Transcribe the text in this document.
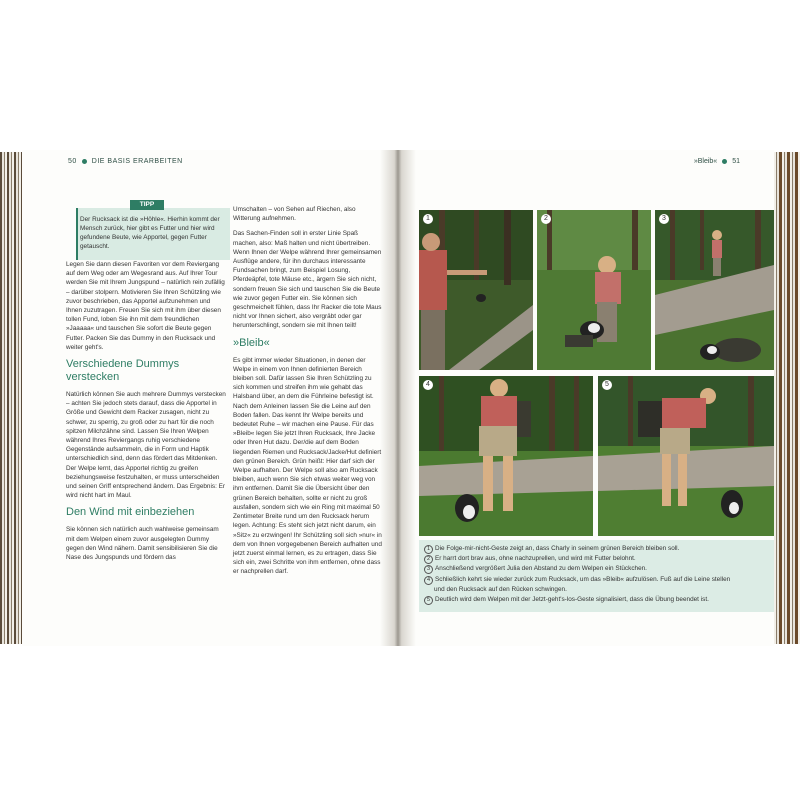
50 DIE BASIS ERARBEITEN
TIPP
Der Rucksack ist die »Höhle«. Hierhin kommt der Mensch zurück, hier gibt es Futter und hier wird gefundene Beute, wie Apportel, gegen Futter getauscht.

Legen Sie dann diesen Favoriten vor dem Reviergang auf dem Weg oder am Wegesrand aus. Auf Ihrer Tour werden Sie mit Ihrem Jungspund – natürlich rein zufällig – darüber stolpern. Motivieren Sie Ihren Schützling wie zuvor beschrieben, das Apportel aufzunehmen und Ihnen zuzutragen. Freuen Sie sich mit ihm über diesen tollen Fund, loben Sie ihn mit dem freundlichen »Jaaaaa« und tauschen Sie sofort die Beute gegen Futter. Packen Sie das Dummy in den Rucksack und weiter geht's.

Verschiedene Dummys verstecken

Natürlich können Sie auch mehrere Dummys verstecken – achten Sie jedoch stets darauf, dass die Apportel in Größe und Gewicht dem Racker zusagen, nicht zu schwer, zu sperrig, zu groß oder zu hart für die noch spitzen Milchzähne sind. Lassen Sie Ihren Welpen während Ihres Reviergangs ruhig verschiedene Gegenstände aufsammeln, die in Form und Haptik unterschiedlich sind, denn das fördert das Mitdenken. Der Welpe lernt, das Apportel richtig zu greifen beziehungsweise festzuhalten, er muss unterscheiden und seinen Griff entsprechend ändern. Das Ergebnis: Er wird nicht hart im Maul.

Den Wind mit einbeziehen

Sie können sich natürlich auch wahlweise gemeinsam mit dem Welpen einem zuvor ausgelegten Dummy gegen den Wind nähern. Damit sensibilisieren Sie die Nase des Jungspunds und fördern das

Umschalten – von Sehen auf Riechen, also Witterung aufnehmen.

Das Sachen-Finden soll in erster Linie Spaß machen, also: Maß halten und nicht übertreiben. Wenn Ihnen der Welpe während Ihrer gemeinsamen Ausflüge andere, für ihn durchaus interessante Fundsachen bringt, zum Beispiel Losung, Pferdeäpfel, tote Mäuse etc., ärgern Sie sich nicht, sondern freuen Sie sich und tauschen Sie die Beute wie zuvor gegen Futter ein. Sie können sich geschmeichelt fühlen, dass Ihr Racker die tote Maus nicht vor Ihnen sichert, also vergräbt oder gar herunterschlingt, sondern sie mit Ihnen teilt!

»Bleib«

Es gibt immer wieder Situationen, in denen der Welpe in einem von Ihnen definierten Bereich bleiben soll. Dafür lassen Sie Ihren Schützling zu sich kommen und streifen ihm wie gehabt das Halsband über, an dem die Führleine befestigt ist. Nach dem Anleinen lassen Sie die Leine auf den Boden fallen. Das kennt Ihr Welpe bereits und bedeutet Ruhe – wir machen eine Pause. Für das »Bleib« legen Sie jetzt Ihren Rucksack, Ihre Jacke oder Ihren Hut dazu. Der/die auf dem Boden liegenden Riemen und Rucksack/Jacke/Hut definiert den grünen Bereich. Grün heißt: Hier darf sich der Welpe aufhalten. Der Welpe soll also am Rucksack bleiben, auch wenn Sie sich etwas weiter weg von ihm entfernen. Damit Sie die Übersicht über den grünen Bereich behalten, sollte er nicht zu groß ausfallen, sondern sich wie ein Ring mit maximal 50 Zentimeter Breite rund um den Rucksack herum legen. Achtung: Es steht sich jetzt nicht darum, ein »Sitz« zu erzwingen! Ihr Schützling soll sich »nur« in dem von Ihnen vorgegebenen Bereich aufhalten und jetzt zuerst einmal lernen, es zu ertragen, dass Sie sich ein, zwei Schritte von ihm entfernen, ohne dass er nachprellen darf.

»Bleib« 51
1	2	3
4	5
1 Die Folge-mir-nicht-Geste zeigt an, dass Charly in seinem grünen Bereich bleiben soll.
2 Er harrt dort brav aus, ohne nachzuprellen, und wird mit Futter belohnt.
3 Anschließend vergrößert Julia den Abstand zu dem Welpen ein Stückchen.
4 Schließlich kehrt sie wieder zurück zum Rucksack, um das »Bleib« aufzulösen. Fuß auf die Leine stellen
und den Rucksack auf den Rücken schwingen.
5 Deutlich wird dem Welpen mit der Jetzt-geht's-los-Geste signalisiert, dass die Übung beendet ist.
